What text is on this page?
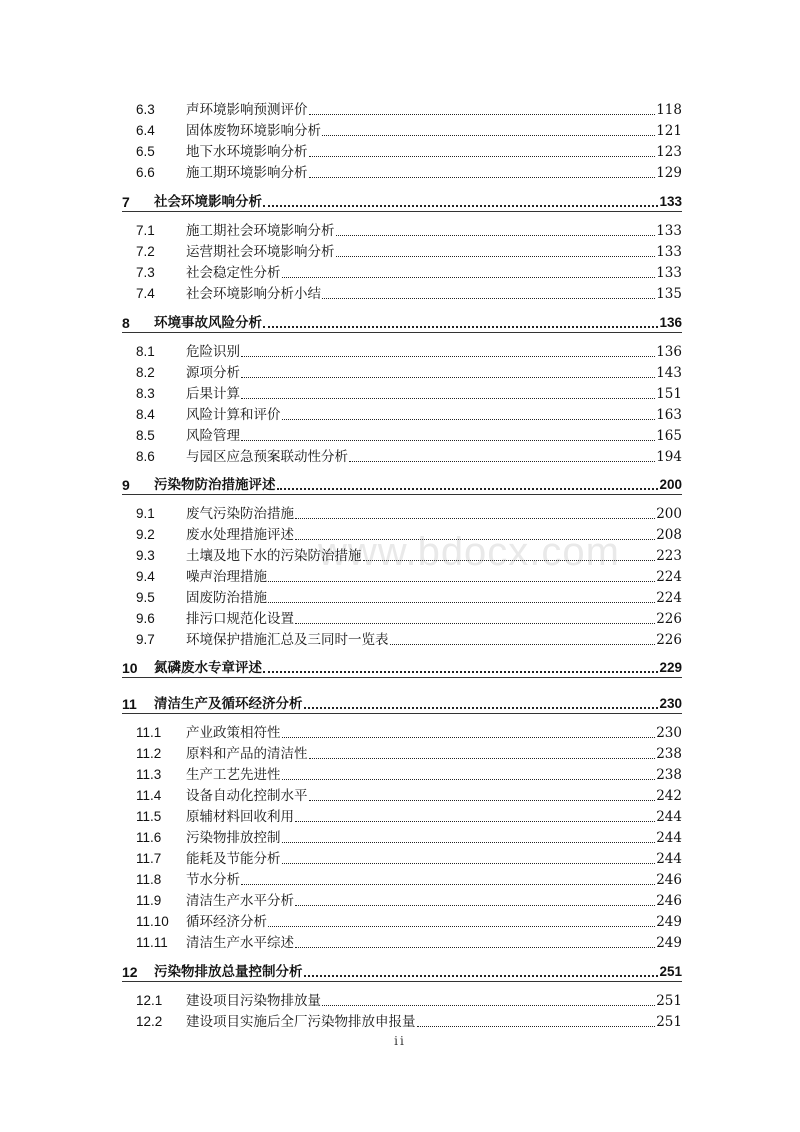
6.3	声环境影响预测评价	118
6.4	固体废物环境影响分析	121
6.5	地下水环境影响分析	123
6.6	施工期环境影响分析	129
7	社会环境影响分析	133
7.1	施工期社会环境影响分析	133
7.2	运营期社会环境影响分析	133
7.3	社会稳定性分析	133
7.4	社会环境影响分析小结	135
8	环境事故风险分析	136
8.1	危险识别	136
8.2	源项分析	143
8.3	后果计算	151
8.4	风险计算和评价	163
8.5	风险管理	165
8.6	与园区应急预案联动性分析	194
9	污染物防治措施评述	200
9.1	废气污染防治措施	200
9.2	废水处理措施评述	208
9.3	土壤及地下水的污染防治措施	223
9.4	噪声治理措施	224
9.5	固废防治措施	224
9.6	排污口规范化设置	226
9.7	环境保护措施汇总及三同时一览表	226
10	氮磷废水专章评述	229
11	清洁生产及循环经济分析	230
11.1	产业政策相符性	230
11.2	原料和产品的清洁性	238
11.3	生产工艺先进性	238
11.4	设备自动化控制水平	242
11.5	原辅材料回收利用	244
11.6	污染物排放控制	244
11.7	能耗及节能分析	244
11.8	节水分析	246
11.9	清洁生产水平分析	246
11.10	循环经济分析	249
11.11	清洁生产水平综述	249
12	污染物排放总量控制分析	251
12.1	建设项目污染物排放量	251
12.2	建设项目实施后全厂污染物排放申报量	251
www.bdocx.com
ii
